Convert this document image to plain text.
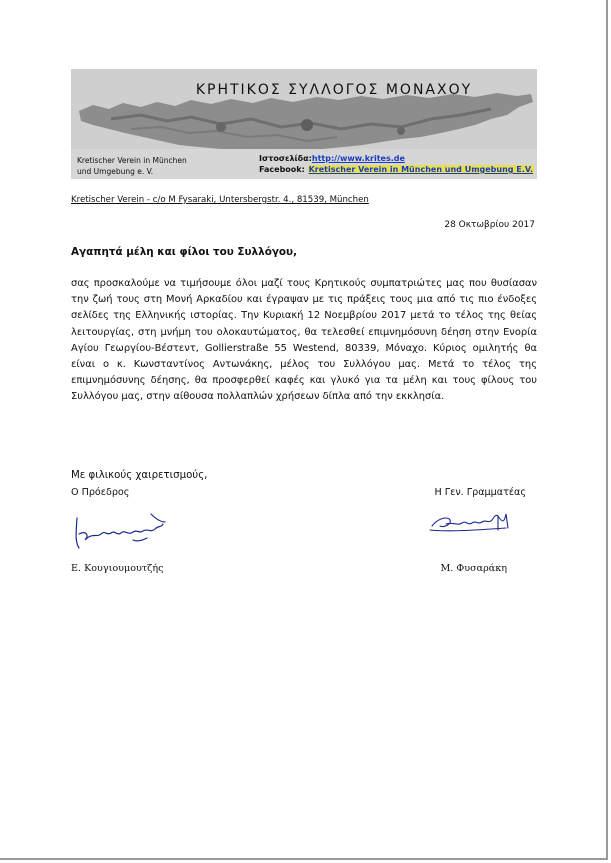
ΚΡΗΤΙΚΟΣ ΣΥΛΛΟΓΟΣ ΜΟΝΑΧΟΥ
Kretischer Verein in München
und Umgebung e. V.
Ιστοσελίδα:http://www.krites.de
Facebook: Kretischer Verein in München und Umgebung E.V.
Kretischer Verein - c/o M Fysaraki, Untersbergstr. 4., 81539, München
28 Οκτωβρίου 2017
Αγαπητά μέλη και φίλοι του Συλλόγου,

σας προσκαλούμε να τιμήσουμε όλοι μαζί τους Κρητικούς συμπατριώτες μας που θυσίασαν την ζωή τους στη Μονή Αρκαδίου και έγραψαν με τις πράξεις τους μια από τις πιο ένδοξες σελίδες της Ελληνικής ιστορίας. Την Κυριακή 12 Νοεμβρίου 2017 μετά το τέλος της θείας λειτουργίας, στη μνήμη του ολοκαυτώματος, θα τελεσθεί επιμνημόσυνη δέηση στην Ενορία Αγίου Γεωργίου-Βέστεντ, Gollierstraße 55 Westend, 80339, Μόναχο. Κύριος ομιλητής θα είναι ο κ. Κωνσταντίνος Αντωνάκης, μέλος του Συλλόγου μας. Μετά το τέλος της επιμνημόσυνης δέησης, θα προσφερθεί καφές και γλυκό για τα μέλη και τους φίλους του Συλλόγου μας, στην αίθουσα πολλαπλών χρήσεων δίπλα από την εκκλησία.

Με φιλικούς χαιρετισμούς,
Ο Πρόεδρος	Η Γεν. Γραμματέας
Ε. Κουγιουμουτζής	Μ. Φυσαράκη
